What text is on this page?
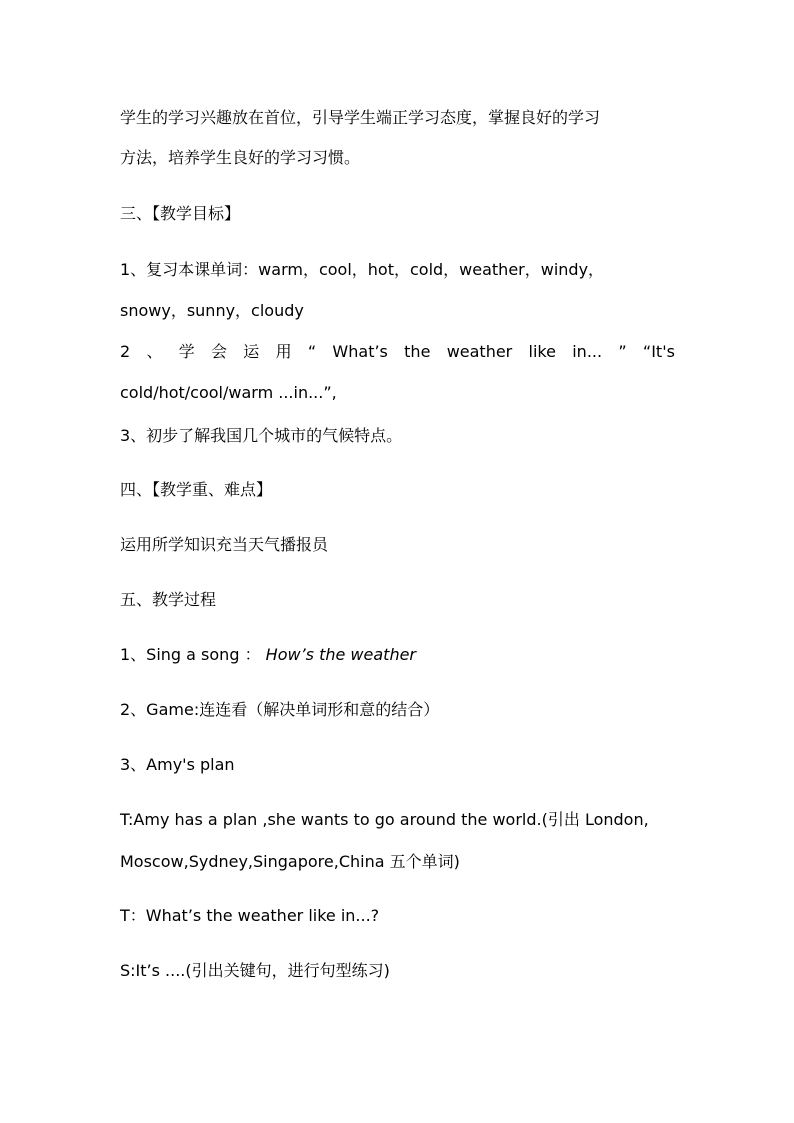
学生的学习兴趣放在首位，引导学生端正学习态度，掌握良好的学习
方法，培养学生良好的学习习惯。
三、【教学目标】
1、复习本课单词：warm，cool，hot，cold，weather，windy，
snowy，sunny，cloudy
2 、 学 会 运 用 “ What’s the weather like in... ” “It's
cold/hot/cool/warm ...in...”,
3、初步了解我国几个城市的气候特点。
四、【教学重、难点】
运用所学知识充当天气播报员
五、教学过程
1、Sing a song ： How’s the weather
2、Game:连连看（解决单词形和意的结合）
3、Amy's plan
T:Amy has a plan ,she wants to go around the world.(引出 London,
Moscow,Sydney,Singapore,China 五个单词)
T：What’s the weather like in...?
S:It’s ....(引出关键句，进行句型练习)
